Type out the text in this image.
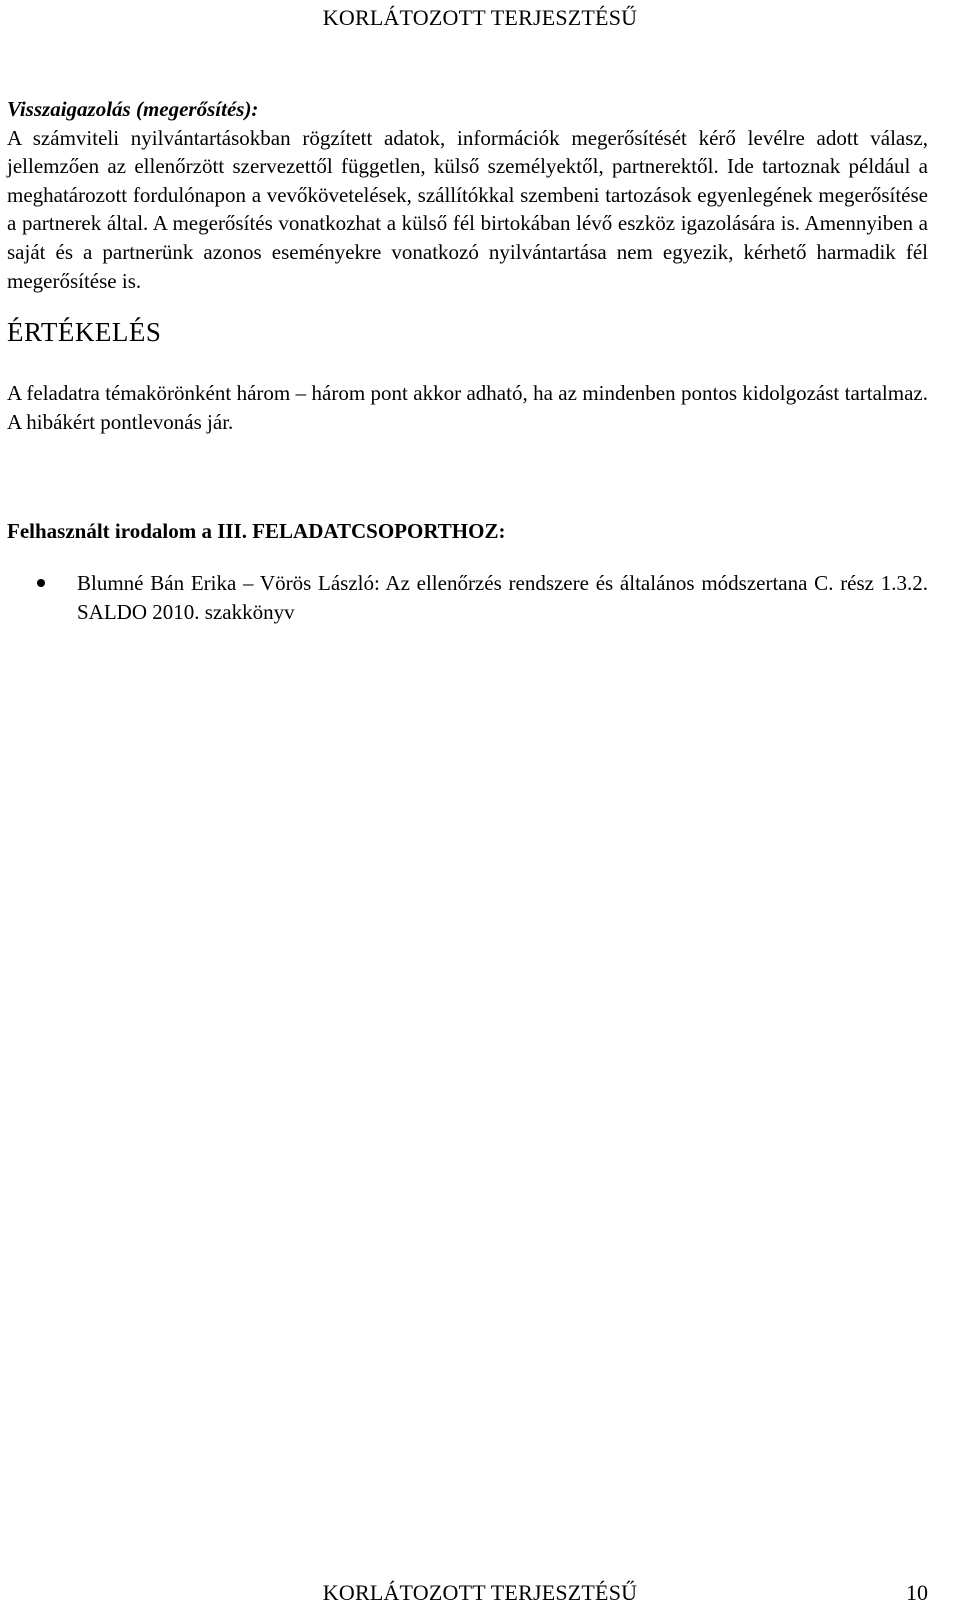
KORLÁTOZOTT TERJESZTÉSŰ

Visszaigazolás (megerősítés):

A számviteli nyilvántartásokban rögzített adatok, információk megerősítését kérő levélre adott válasz, jellemzően az ellenőrzött szervezettől független, külső személyektől, partnerektől. Ide tartoznak például a meghatározott fordulónapon a vevőkövetelések, szállítókkal szembeni tartozások egyenlegének megerősítése a partnerek által. A megerősítés vonatkozhat a külső fél birtokában lévő eszköz igazolására is. Amennyiben a saját és a partnerünk azonos eseményekre vonatkozó nyilvántartása nem egyezik, kérhető harmadik fél megerősítése is.

ÉRTÉKELÉS

A feladatra témakörönként három – három pont akkor adható, ha az mindenben pontos kidolgozást tartalmaz. A hibákért pontlevonás jár.

Felhasznált irodalom a III. FELADATCSOPORTHOZ:

Blumné Bán Erika – Vörös László: Az ellenőrzés rendszere és általános módszertana C. rész 1.3.2. SALDO 2010. szakkönyv
KORLÁTOZOTT TERJESZTÉSŰ	10
